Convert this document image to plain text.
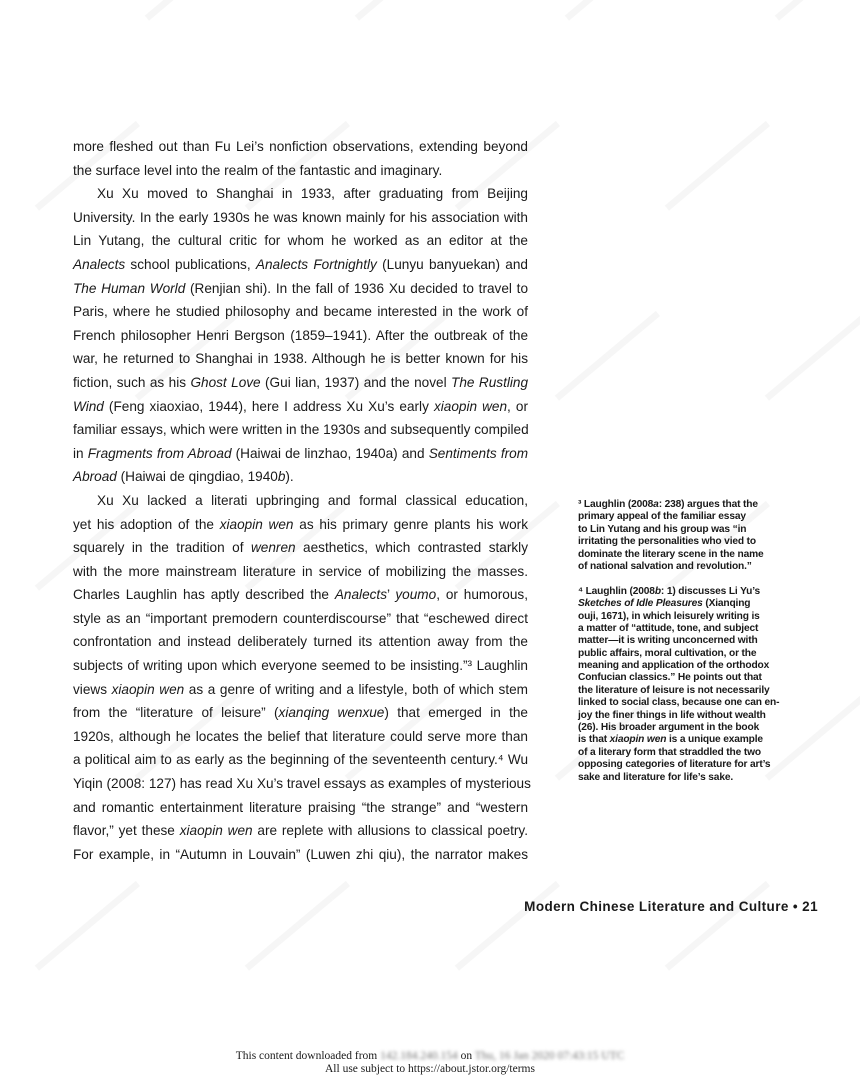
more fleshed out than Fu Lei’s nonfiction observations, extending beyond
the surface level into the realm of the fantastic and imaginary.
Xu Xu moved to Shanghai in 1933, after graduating from Beijing
University. In the early 1930s he was known mainly for his association with
Lin Yutang, the cultural critic for whom he worked as an editor at the
Analects school publications, Analects Fortnightly (Lunyu banyuekan) and
The Human World (Renjian shi). In the fall of 1936 Xu decided to travel to
Paris, where he studied philosophy and became interested in the work of
French philosopher Henri Bergson (1859–1941). After the outbreak of the
war, he returned to Shanghai in 1938. Although he is better known for his
fiction, such as his Ghost Love (Gui lian, 1937) and the novel The Rustling
Wind (Feng xiaoxiao, 1944), here I address Xu Xu’s early xiaopin wen, or
familiar essays, which were written in the 1930s and subsequently compiled
in Fragments from Abroad (Haiwai de linzhao, 1940a) and Sentiments from
Abroad (Haiwai de qingdiao, 1940b).
Xu Xu lacked a literati upbringing and formal classical education,
yet his adoption of the xiaopin wen as his primary genre plants his work
squarely in the tradition of wenren aesthetics, which contrasted starkly
with the more mainstream literature in service of mobilizing the masses.
Charles Laughlin has aptly described the Analects’ youmo, or humorous,
style as an “important premodern counterdiscourse” that “eschewed direct
confrontation and instead deliberately turned its attention away from the
subjects of writing upon which everyone seemed to be insisting.”³ Laughlin
views xiaopin wen as a genre of writing and a lifestyle, both of which stem
from the “literature of leisure” (xianqing wenxue) that emerged in the
1920s, although he locates the belief that literature could serve more than
a political aim to as early as the beginning of the seventeenth century.⁴ Wu
Yiqin (2008: 127) has read Xu Xu’s travel essays as examples of mysterious
and romantic entertainment literature praising “the strange” and “western
flavor,” yet these xiaopin wen are replete with allusions to classical poetry.
For example, in “Autumn in Louvain” (Luwen zhi qiu), the narrator makes
³ Laughlin (2008a: 238) argues that the
primary appeal of the familiar essay
to Lin Yutang and his group was “in
irritating the personalities who vied to
dominate the literary scene in the name
of national salvation and revolution.”
⁴ Laughlin (2008b: 1) discusses Li Yu’s
Sketches of Idle Pleasures (Xianqing
ouji, 1671), in which leisurely writing is
a matter of “attitude, tone, and subject
matter—it is writing unconcerned with
public affairs, moral cultivation, or the
meaning and application of the orthodox
Confucian classics.” He points out that
the literature of leisure is not necessarily
linked to social class, because one can en-
joy the finer things in life without wealth
(26). His broader argument in the book
is that xiaopin wen is a unique example
of a literary form that straddled the two
opposing categories of literature for art’s
sake and literature for life’s sake.
Modern Chinese Literature and Culture • 21
This content downloaded from 142.184.240.154 on Thu, 16 Jan 2020 07:43:15 UTC
All use subject to https://about.jstor.org/terms
